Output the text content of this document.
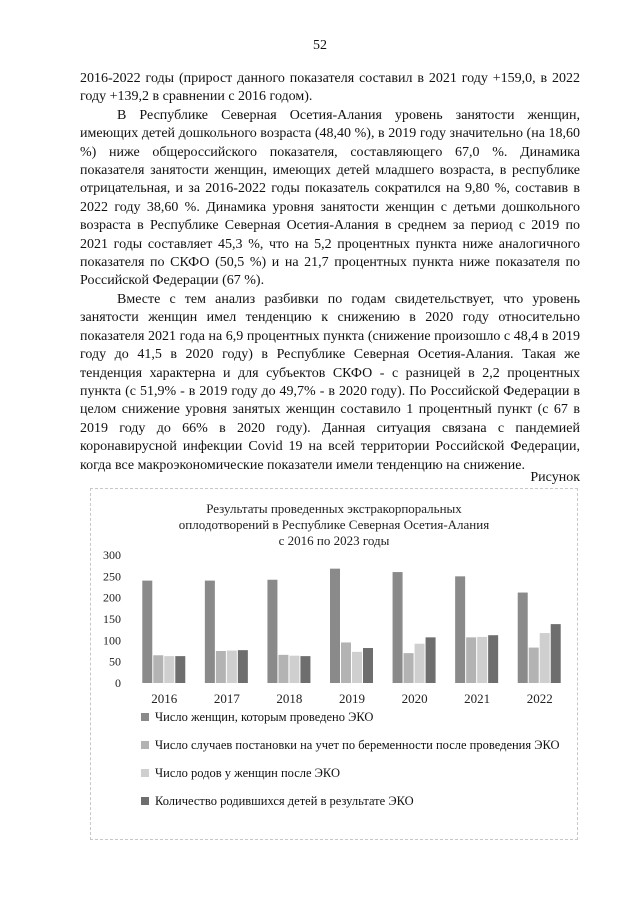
52

2016-2022 годы (прирост данного показателя составил в 2021 году +159,0, в 2022 году +139,2 в сравнении с 2016 годом).

В Республике Северная Осетия-Алания уровень занятости женщин, имеющих детей дошкольного возраста (48,40 %), в 2019 году значительно (на 18,60 %) ниже общероссийского показателя, составляющего 67,0 %. Динамика показателя занятости женщин, имеющих детей младшего возраста, в республике отрицательная, и за 2016-2022 годы показатель сократился на 9,80 %, составив в 2022 году 38,60 %. Динамика уровня занятости женщин с детьми дошкольного возраста в Республике Северная Осетия-Алания в среднем за период с 2019 по 2021 годы составляет 45,3 %, что на 5,2 процентных пункта ниже аналогичного показателя по СКФО (50,5 %) и на 21,7 процентных пункта ниже показателя по Российской Федерации (67 %).

Вместе с тем анализ разбивки по годам свидетельствует, что уровень занятости женщин имел тенденцию к снижению в 2020 году относительно показателя 2021 года на 6,9 процентных пункта (снижение произошло с 48,4 в 2019 году до 41,5 в 2020 году) в Республике Северная Осетия-Алания. Такая же тенденция характерна и для субъектов СКФО - с разницей в 2,2 процентных пункта (с 51,9% - в 2019 году до 49,7% - в 2020 году). По Российской Федерации в целом снижение уровня занятых женщин составило 1 процентный пункт (с 67 в 2019 году до 66% в 2020 году). Данная ситуация связана с пандемией коронавирусной инфекции Covid 19 на всей территории Российской Федерации, когда все макроэкономические показатели имели тенденцию на снижение.

Рисунок
Результаты проведенных экстракорпоральных
оплодотворений в Республике Северная Осетия-Алания
с 2016 по 2023 годы
0
50
100
150
200
250
300
2016	2017	2018	2019	2020	2021	2022
Число женщин, которым проведено ЭКО
Число случаев постановки на учет по беременности после проведения ЭКО
Число родов у женщин после ЭКО
Количество родившихся детей в результате ЭКО
